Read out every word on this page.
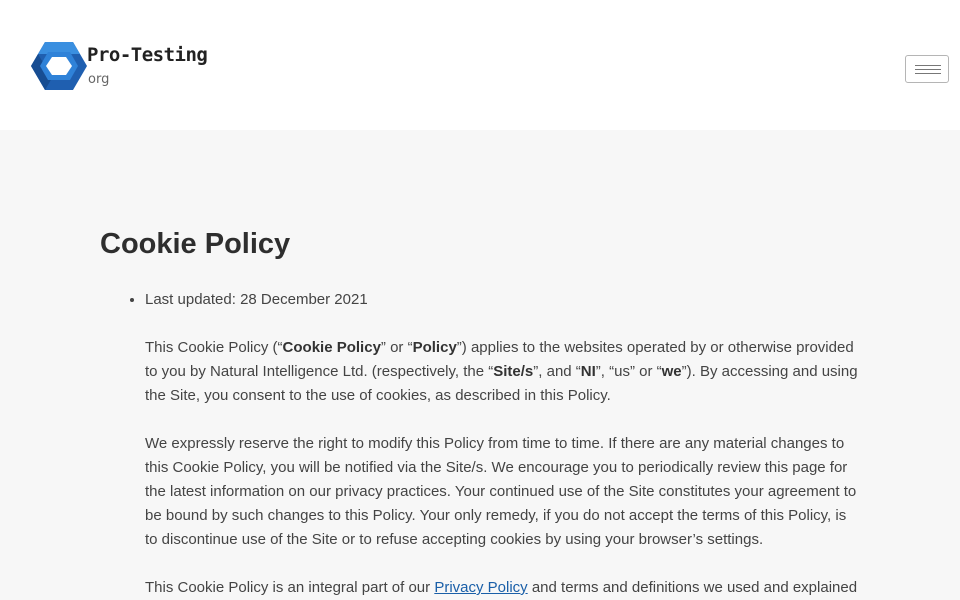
Pro-Testing
org
Cookie Policy
• Last updated: 28 December 2021

This Cookie Policy (“Cookie Policy” or “Policy”) applies to the websites operated by or otherwise provided to you by Natural Intelligence Ltd. (respectively, the “Site/s”, and “NI”, “us” or “we”). By accessing and using the Site, you consent to the use of cookies, as described in this Policy.

We expressly reserve the right to modify this Policy from time to time. If there are any material changes to this Cookie Policy, you will be notified via the Site/s. We encourage you to periodically review this page for the latest information on our privacy practices. Your continued use of the Site constitutes your agreement to be bound by such changes to this Policy. Your only remedy, if you do not accept the terms of this Policy, is to discontinue use of the Site or to refuse accepting cookies by using your browser’s settings.

This Cookie Policy is an integral part of our Privacy Policy and terms and definitions we used and explained
